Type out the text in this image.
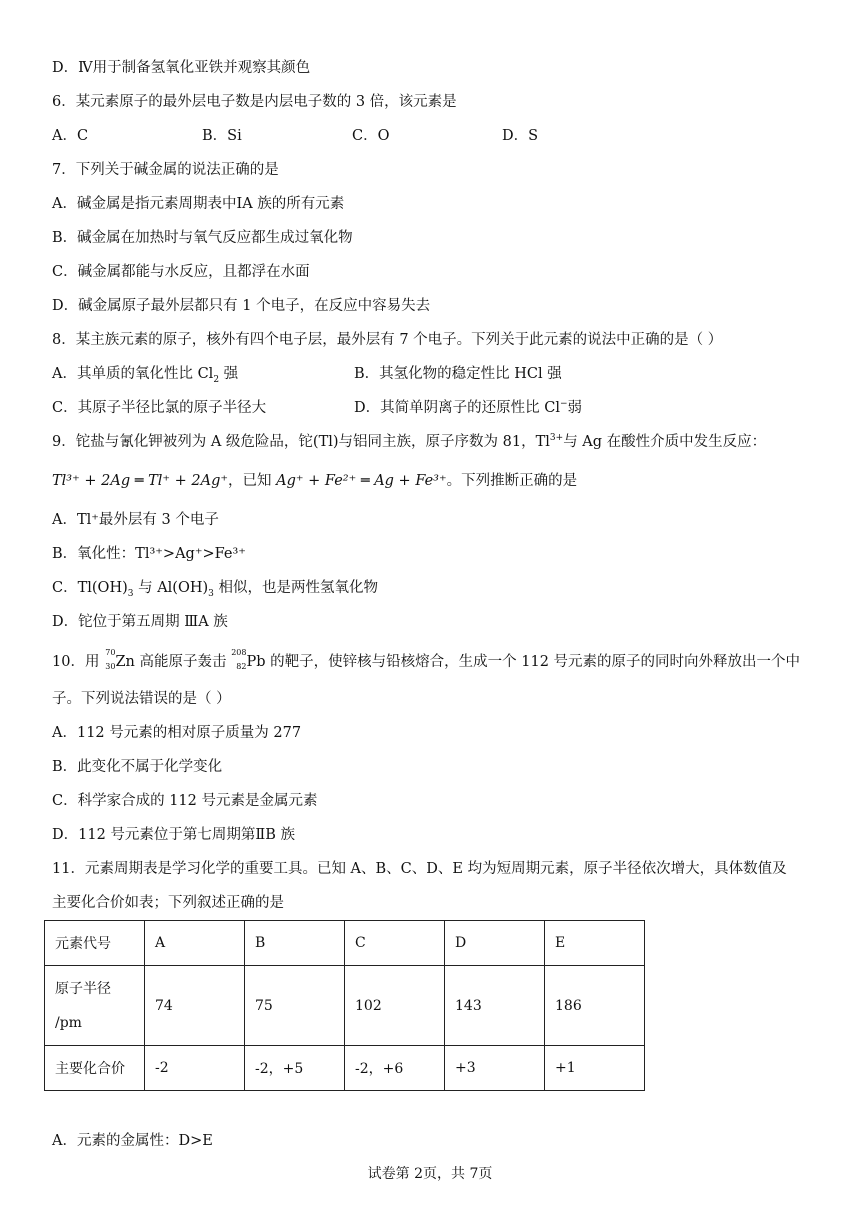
D．Ⅳ用于制备氢氧化亚铁并观察其颜色
6．某元素原子的最外层电子数是内层电子数的 3 倍，该元素是
A．C	B．Si	C．O	D．S
7．下列关于碱金属的说法正确的是
A．碱金属是指元素周期表中ⅠA 族的所有元素
B．碱金属在加热时与氧气反应都生成过氧化物
C．碱金属都能与水反应，且都浮在水面
D．碱金属原子最外层都只有 1 个电子，在反应中容易失去
8．某主族元素的原子，核外有四个电子层，最外层有 7 个电子。下列关于此元素的说法中正确的是（ ）
A．其单质的氧化性比 $Cl_2$ 强	B．其氢化物的稳定性比 HCl 强
C．其原子半径比氯的原子半径大	D．其简单阴离子的还原性比 Cl−弱
9．铊盐与氰化钾被列为 A 级危险品，铊(Tl)与铝同主族，原子序数为 81，$Tl^{3+}$与 Ag 在酸性介质中发生反应：
Tl³⁺ + 2Ag ═ Tl⁺ + 2Ag⁺，已知 Ag⁺ + Fe²⁺ ═ Ag + Fe³⁺。下列推断正确的是
A．Tl⁺最外层有 3 个电子
B．氧化性：Tl³⁺>Ag⁺>Fe³⁺
C．$Tl(OH)_3$ 与 $Al(OH)_3$ 相似，也是两性氢氧化物
D．铊位于第五周期 ⅢA 族
10．用
70
30 Zn 高能原子轰击
208
82 Pb 的靶子，使锌核与铅核熔合，生成一个 112 号元素的原子的同时向外释放出一个中
子。下列说法错误的是（ ）
A．112 号元素的相对原子质量为 277
B．此变化不属于化学变化
C．科学家合成的 112 号元素是金属元素
D．112 号元素位于第七周期第ⅡB 族
11．元素周期表是学习化学的重要工具。已知 A、B、C、D、E 均为短周期元素，原子半径依次增大，具体数值及
主要化合价如表；下列叙述正确的是
元素代号	A	B	C	D	E

原子半径
/pm	74	75	102	143	186
主要化合价	-2	-2，+5	-2，+6	+3	+1
A．元素的金属性：D>E
试卷第 2页，共 7页
